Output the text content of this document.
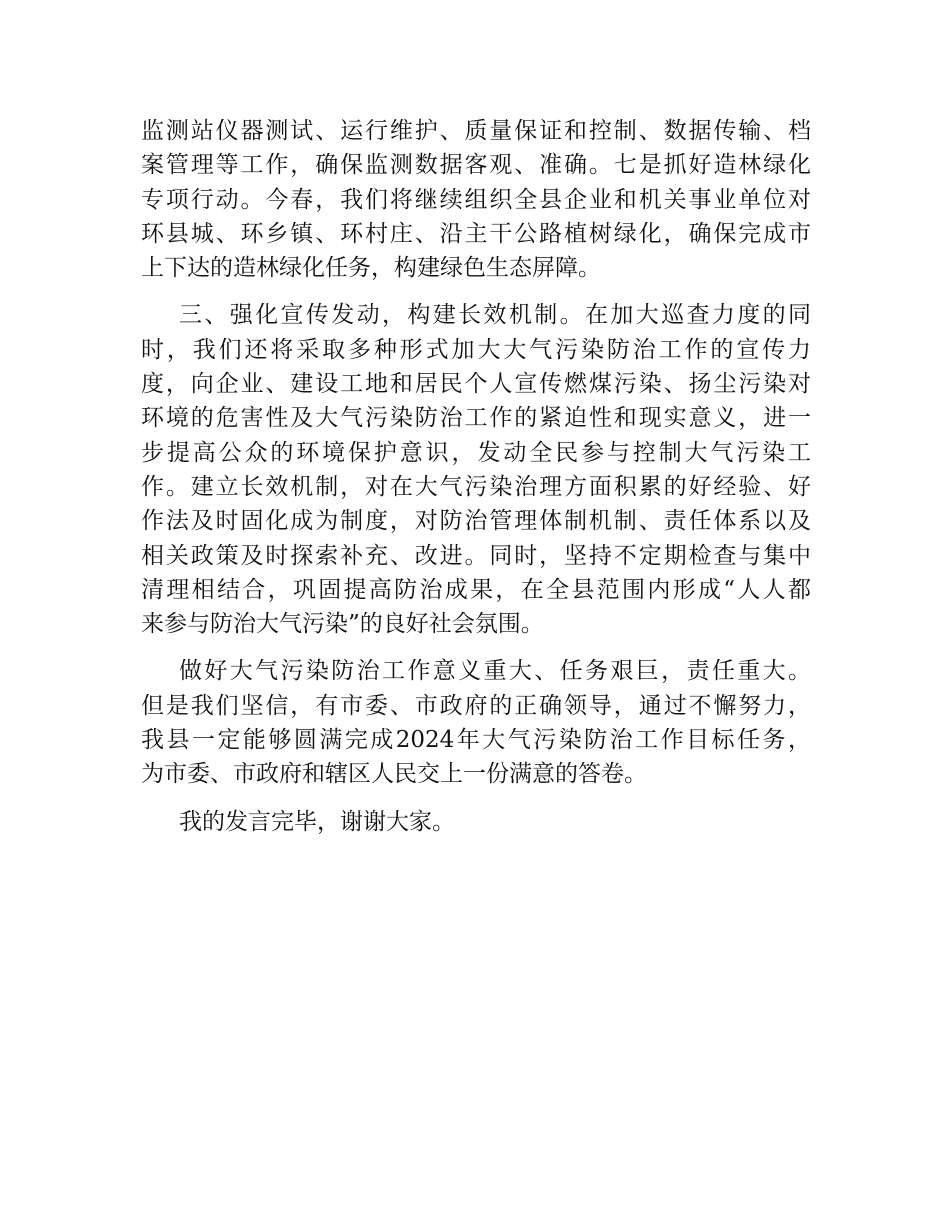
监测站仪器测试、运行维护、质量保证和控制、数据传输、档
案管理等工作，确保监测数据客观、准确。七是抓好造林绿化
专项行动。今春，我们将继续组织全县企业和机关事业单位对
环县城、环乡镇、环村庄、沿主干公路植树绿化，确保完成市
上下达的造林绿化任务，构建绿色生态屏障。
三、强化宣传发动，构建长效机制。在加大巡查力度的同
时，我们还将采取多种形式加大大气污染防治工作的宣传力
度，向企业、建设工地和居民个人宣传燃煤污染、扬尘污染对
环境的危害性及大气污染防治工作的紧迫性和现实意义，进一
步提高公众的环境保护意识，发动全民参与控制大气污染工
作。建立长效机制，对在大气污染治理方面积累的好经验、好
作法及时固化成为制度，对防治管理体制机制、责任体系以及
相关政策及时探索补充、改进。同时，坚持不定期检查与集中
清理相结合，巩固提高防治成果，在全县范围内形成“人人都
来参与防治大气污染”的良好社会氛围。
做好大气污染防治工作意义重大、任务艰巨，责任重大。
但是我们坚信，有市委、市政府的正确领导，通过不懈努力，
我县一定能够圆满完成2024年大气污染防治工作目标任务，
为市委、市政府和辖区人民交上一份满意的答卷。
我的发言完毕，谢谢大家。
